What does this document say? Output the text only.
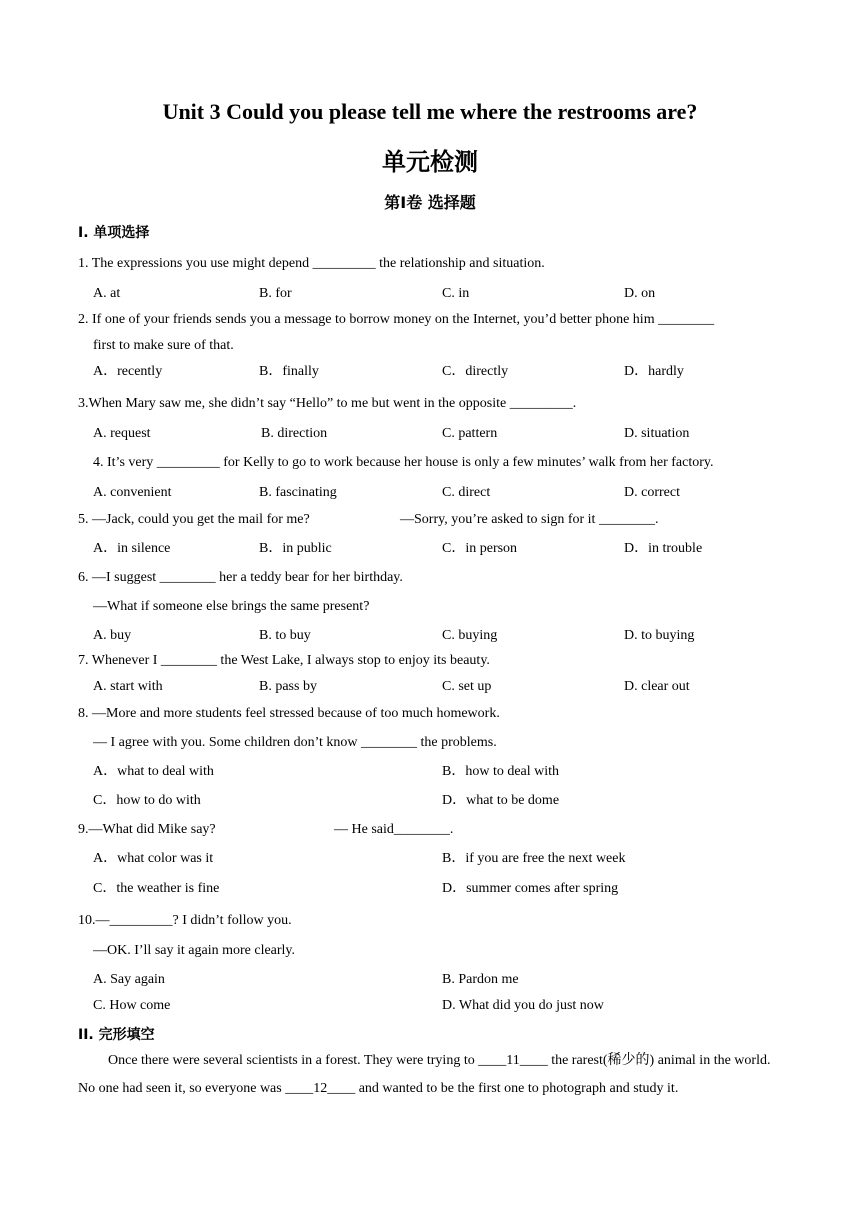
Unit 3 Could you please tell me where the restrooms are?
单元检测
第Ⅰ卷 选择题
I. 单项选择
1. The expressions you use might depend _________ the relationship and situation.
A. at	B. for	C. in	D. on
2. If one of your friends sends you a message to borrow money on the Internet, you’d better phone him ________
first to make sure of that.
A．recently	B．finally	C．directly	D．hardly
3.When Mary saw me, she didn’t say “Hello” to me but went in the opposite _________.
A. request	B. direction	C. pattern	D. situation
4. It’s very _________ for Kelly to go to work because her house is only a few minutes’ walk from her factory.
A. convenient	B. fascinating	C. direct	D. correct
5. —Jack, could you get the mail for me?	—Sorry, you’re asked to sign for it ________.
A．in silence	B．in public	C．in person	D．in trouble
6. —I suggest ________ her a teddy bear for her birthday.
—What if someone else brings the same present?
A. buy	B. to buy	C. buying	D. to buying
7. Whenever I ________ the West Lake, I always stop to enjoy its beauty.
A. start with	B. pass by	C. set up	D. clear out
8. —More and more students feel stressed because of too much homework.
— I agree with you. Some children don’t know ________ the problems.
A．what to deal with	B．how to deal with
C．how to do with	D．what to be dome
9.—What did Mike say?	— He said________.
A．what color was it	B．if you are free the next week
C．the weather is fine	D．summer comes after spring
10.—_________? I didn’t follow you.
—OK. I’ll say it again more clearly.
A. Say again	B. Pardon me
C. How come	D. What did you do just now
II. 完形填空
Once there were several scientists in a forest. They were trying to ____11____ the rarest(稀少的) animal in the world. No one had seen it, so everyone was ____12____ and wanted to be the first one to photograph and study it.
